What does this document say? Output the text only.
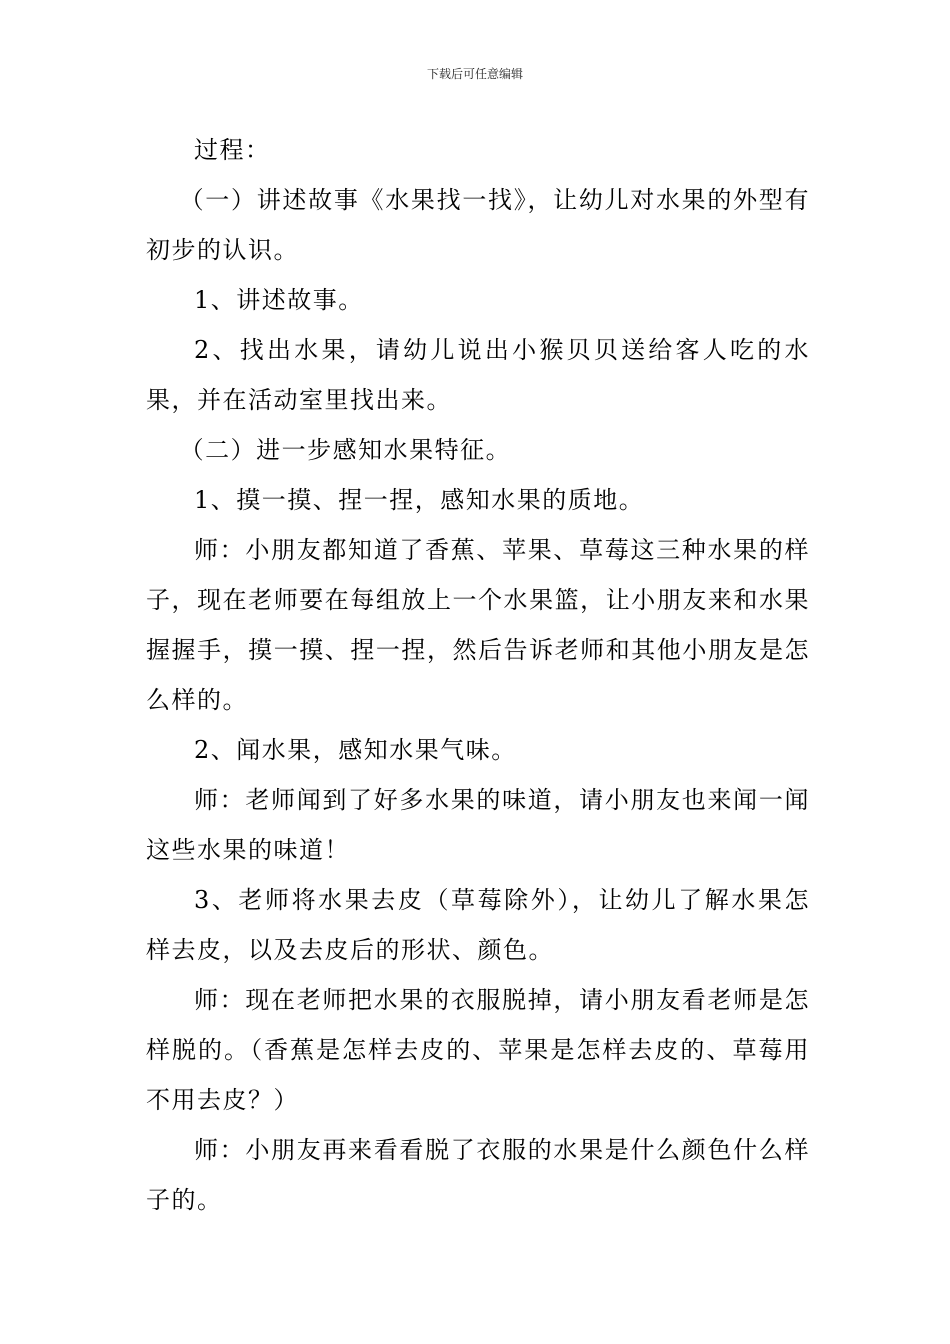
下载后可任意编辑

过程：

（一）讲述故事《水果找一找》，让幼儿对水果的外型有初步的认识。

1、讲述故事。

2、找出水果，请幼儿说出小猴贝贝送给客人吃的水果，并在活动室里找出来。

（二）进一步感知水果特征。

1、摸一摸、捏一捏，感知水果的质地。

师：小朋友都知道了香蕉、苹果、草莓这三种水果的样子，现在老师要在每组放上一个水果篮，让小朋友来和水果握握手，摸一摸、捏一捏，然后告诉老师和其他小朋友是怎么样的。

2、闻水果，感知水果气味。

师：老师闻到了好多水果的味道，请小朋友也来闻一闻这些水果的味道！

3、老师将水果去皮（草莓除外），让幼儿了解水果怎样去皮，以及去皮后的形状、颜色。

师：现在老师把水果的衣服脱掉，请小朋友看老师是怎样脱的。（香蕉是怎样去皮的、苹果是怎样去皮的、草莓用不用去皮？）

师：小朋友再来看看脱了衣服的水果是什么颜色什么样子的。
